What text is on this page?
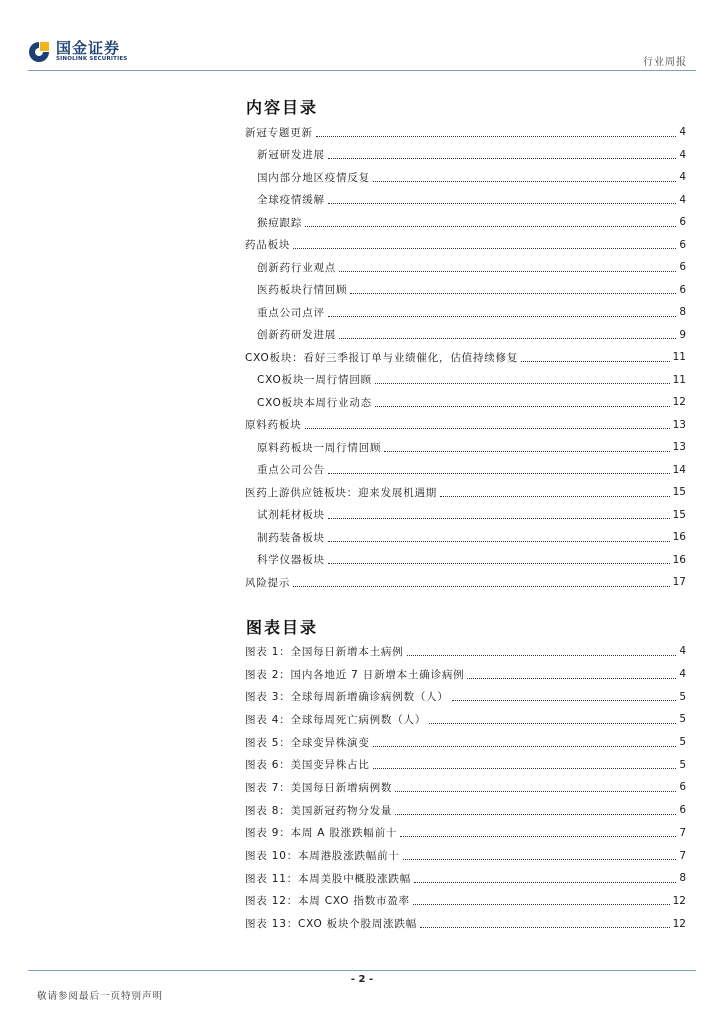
国金证券
SINOLINK SECURITIES	行业周报
内容目录
新冠专题更新	4
新冠研发进展	4
国内部分地区疫情反复	4
全球疫情缓解	4
猴痘跟踪	6
药品板块	6
创新药行业观点	6
医药板块行情回顾	6
重点公司点评	8
创新药研发进展	9
CXO板块：看好三季报订单与业绩催化，估值持续修复	11
CXO板块一周行情回顾	11
CXO板块本周行业动态	12
原料药板块	13
原料药板块一周行情回顾	13
重点公司公告	14
医药上游供应链板块：迎来发展机遇期	15
试剂耗材板块	15
制药装备板块	16
科学仪器板块	16
风险提示	17
图表目录
图表 1：全国每日新增本土病例	4
图表 2：国内各地近 7 日新增本土确诊病例	4
图表 3：全球每周新增确诊病例数（人）	5
图表 4：全球每周死亡病例数（人）	5
图表 5：全球变异株演变	5
图表 6：美国变异株占比	5
图表 7：美国每日新增病例数	6
图表 8：美国新冠药物分发量	6
图表 9：本周 A 股涨跌幅前十	7
图表 10：本周港股涨跌幅前十	7
图表 11：本周美股中概股涨跌幅	8
图表 12：本周 CXO 指数市盈率	12
图表 13：CXO 板块个股周涨跌幅	12
- 2 -
敬请参阅最后一页特别声明
